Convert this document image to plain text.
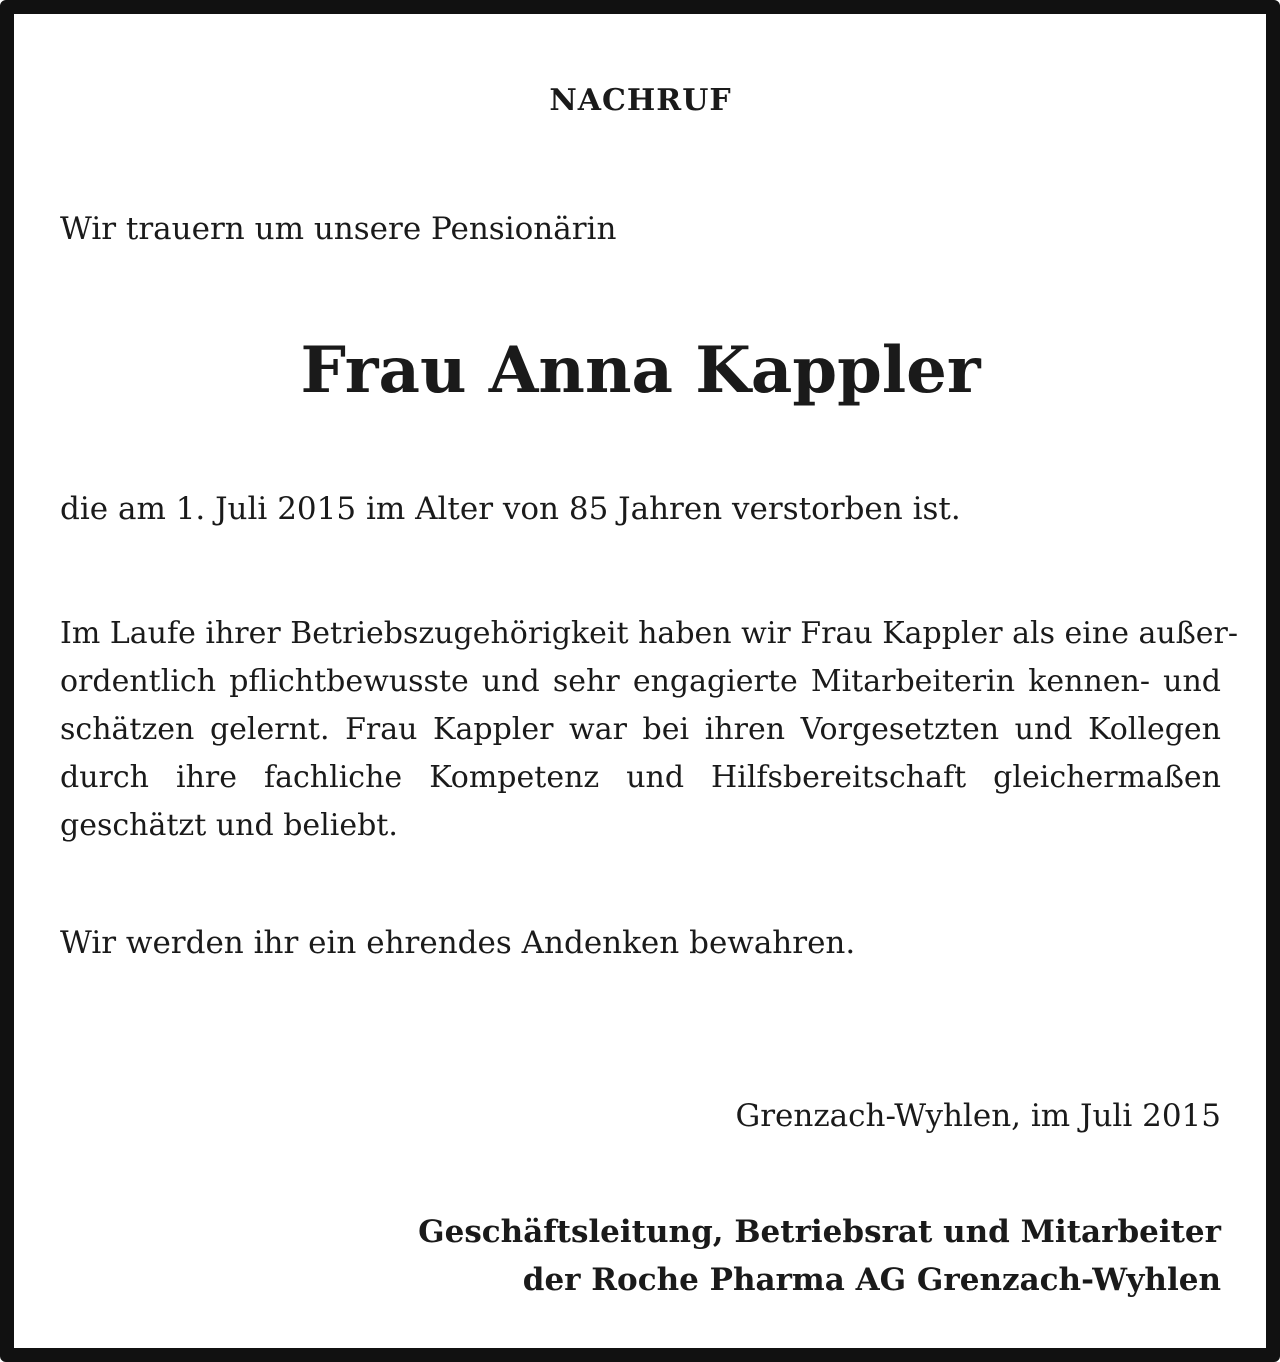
NACHRUF
Wir trauern um unsere Pensionärin
Frau Anna Kappler
die am 1. Juli 2015 im Alter von 85 Jahren verstorben ist.
Im Laufe ihrer Betriebszugehörigkeit haben wir Frau Kappler als eine außer-
ordentlich pflichtbewusste und sehr engagierte Mitarbeiterin kennen- und
schätzen gelernt. Frau Kappler war bei ihren Vorgesetzten und Kollegen
durch ihre fachliche Kompetenz und Hilfsbereitschaft gleichermaßen
geschätzt und beliebt.
Wir werden ihr ein ehrendes Andenken bewahren.
Grenzach-Wyhlen, im Juli 2015
Geschäftsleitung, Betriebsrat und Mitarbeiter
der Roche Pharma AG Grenzach-Wyhlen
